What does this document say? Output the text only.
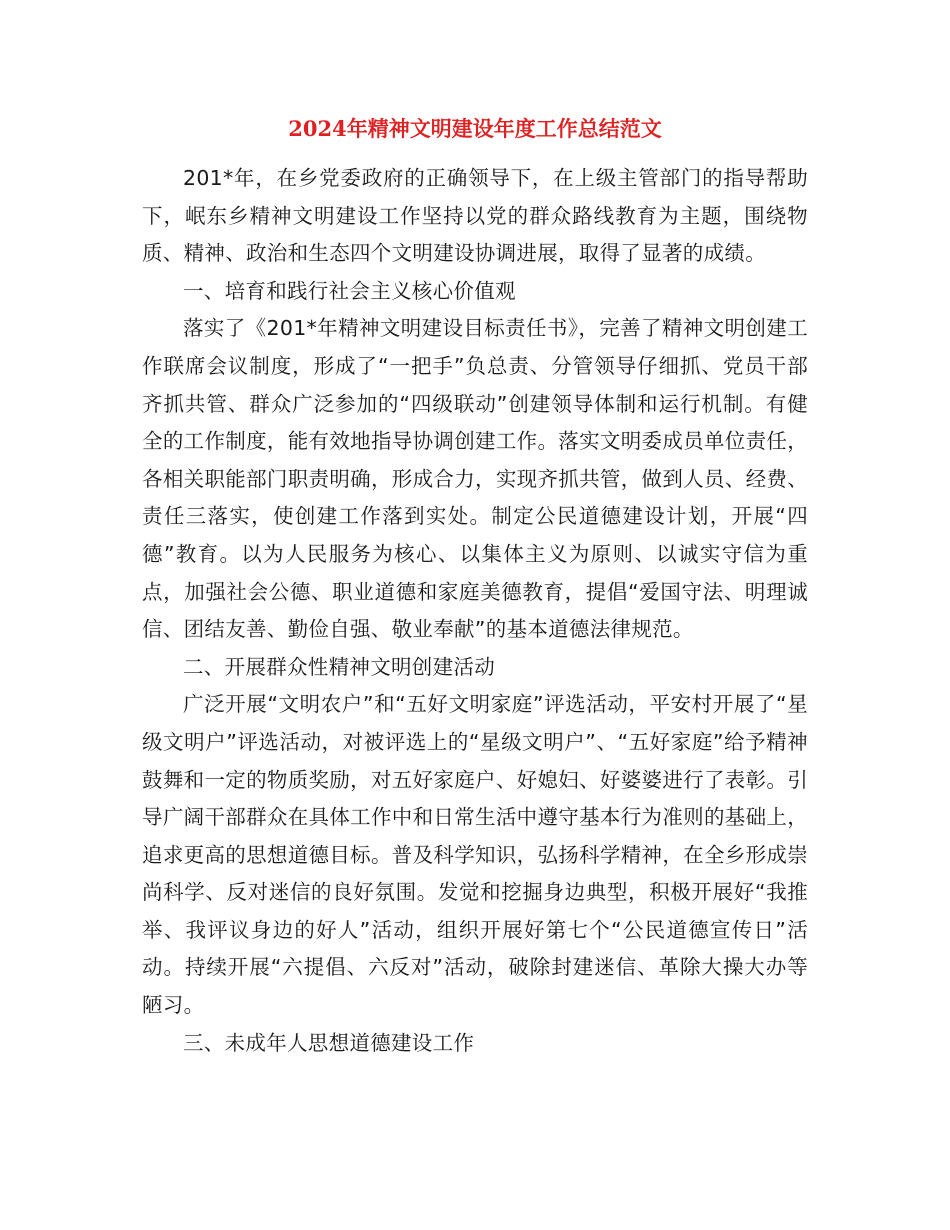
2024年精神文明建设年度工作总结范文

201*年，在乡党委政府的正确领导下，在上级主管部门的指导帮助下，岷东乡精神文明建设工作坚持以党的群众路线教育为主题，围绕物质、精神、政治和生态四个文明建设协调进展，取得了显著的成绩。

一、培育和践行社会主义核心价值观

落实了《201*年精神文明建设目标责任书》，完善了精神文明创建工作联席会议制度，形成了“一把手”负总责、分管领导仔细抓、党员干部齐抓共管、群众广泛参加的“四级联动”创建领导体制和运行机制。有健全的工作制度，能有效地指导协调创建工作。落实文明委成员单位责任，各相关职能部门职责明确，形成合力，实现齐抓共管，做到人员、经费、责任三落实，使创建工作落到实处。制定公民道德建设计划，开展“四德”教育。以为人民服务为核心、以集体主义为原则、以诚实守信为重点，加强社会公德、职业道德和家庭美德教育，提倡“爱国守法、明理诚信、团结友善、勤俭自强、敬业奉献”的基本道德法律规范。

二、开展群众性精神文明创建活动

广泛开展“文明农户”和“五好文明家庭”评选活动，平安村开展了“星级文明户”评选活动，对被评选上的“星级文明户”、“五好家庭”给予精神鼓舞和一定的物质奖励，对五好家庭户、好媳妇、好婆婆进行了表彰。引导广阔干部群众在具体工作中和日常生活中遵守基本行为准则的基础上，追求更高的思想道德目标。普及科学知识，弘扬科学精神，在全乡形成崇尚科学、反对迷信的良好氛围。发觉和挖掘身边典型，积极开展好“我推举、我评议身边的好人”活动，组织开展好第七个“公民道德宣传日”活动。持续开展“六提倡、六反对”活动，破除封建迷信、革除大操大办等陋习。

三、未成年人思想道德建设工作
